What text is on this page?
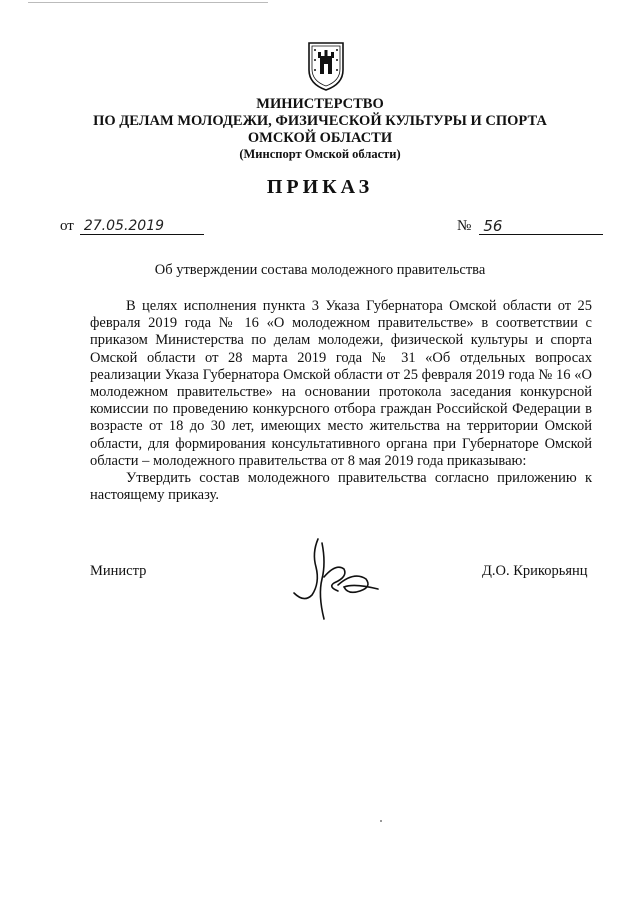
МИНИСТЕРСТВО
ПО ДЕЛАМ МОЛОДЕЖИ, ФИЗИЧЕСКОЙ КУЛЬТУРЫ И СПОРТА
ОМСКОЙ ОБЛАСТИ
(Минспорт Омской области)
ПРИКАЗ
от 27.05.2019	№ 56
Об утверждении состава молодежного правительства

В целях исполнения пункта 3 Указа Губернатора Омской области от 25 февраля 2019 года № 16 «О молодежном правительстве» в соответствии с приказом Министерства по делам молодежи, физической культуры и спорта Омской области от 28 марта 2019 года № 31 «Об отдельных вопросах реализации Указа Губернатора Омской области от 25 февраля 2019 года № 16 «О молодежном правительстве» на основании протокола заседания конкурсной комиссии по проведению конкурсного отбора граждан Российской Федерации в возрасте от 18 до 30 лет, имеющих место жительства на территории Омской области, для формирования консультативного органа при Губернаторе Омской области – молодежного правительства от 8 мая 2019 года приказываю:

Утвердить состав молодежного правительства согласно приложению к настоящему приказу.

Министр	Д.О. Крикорьянц
